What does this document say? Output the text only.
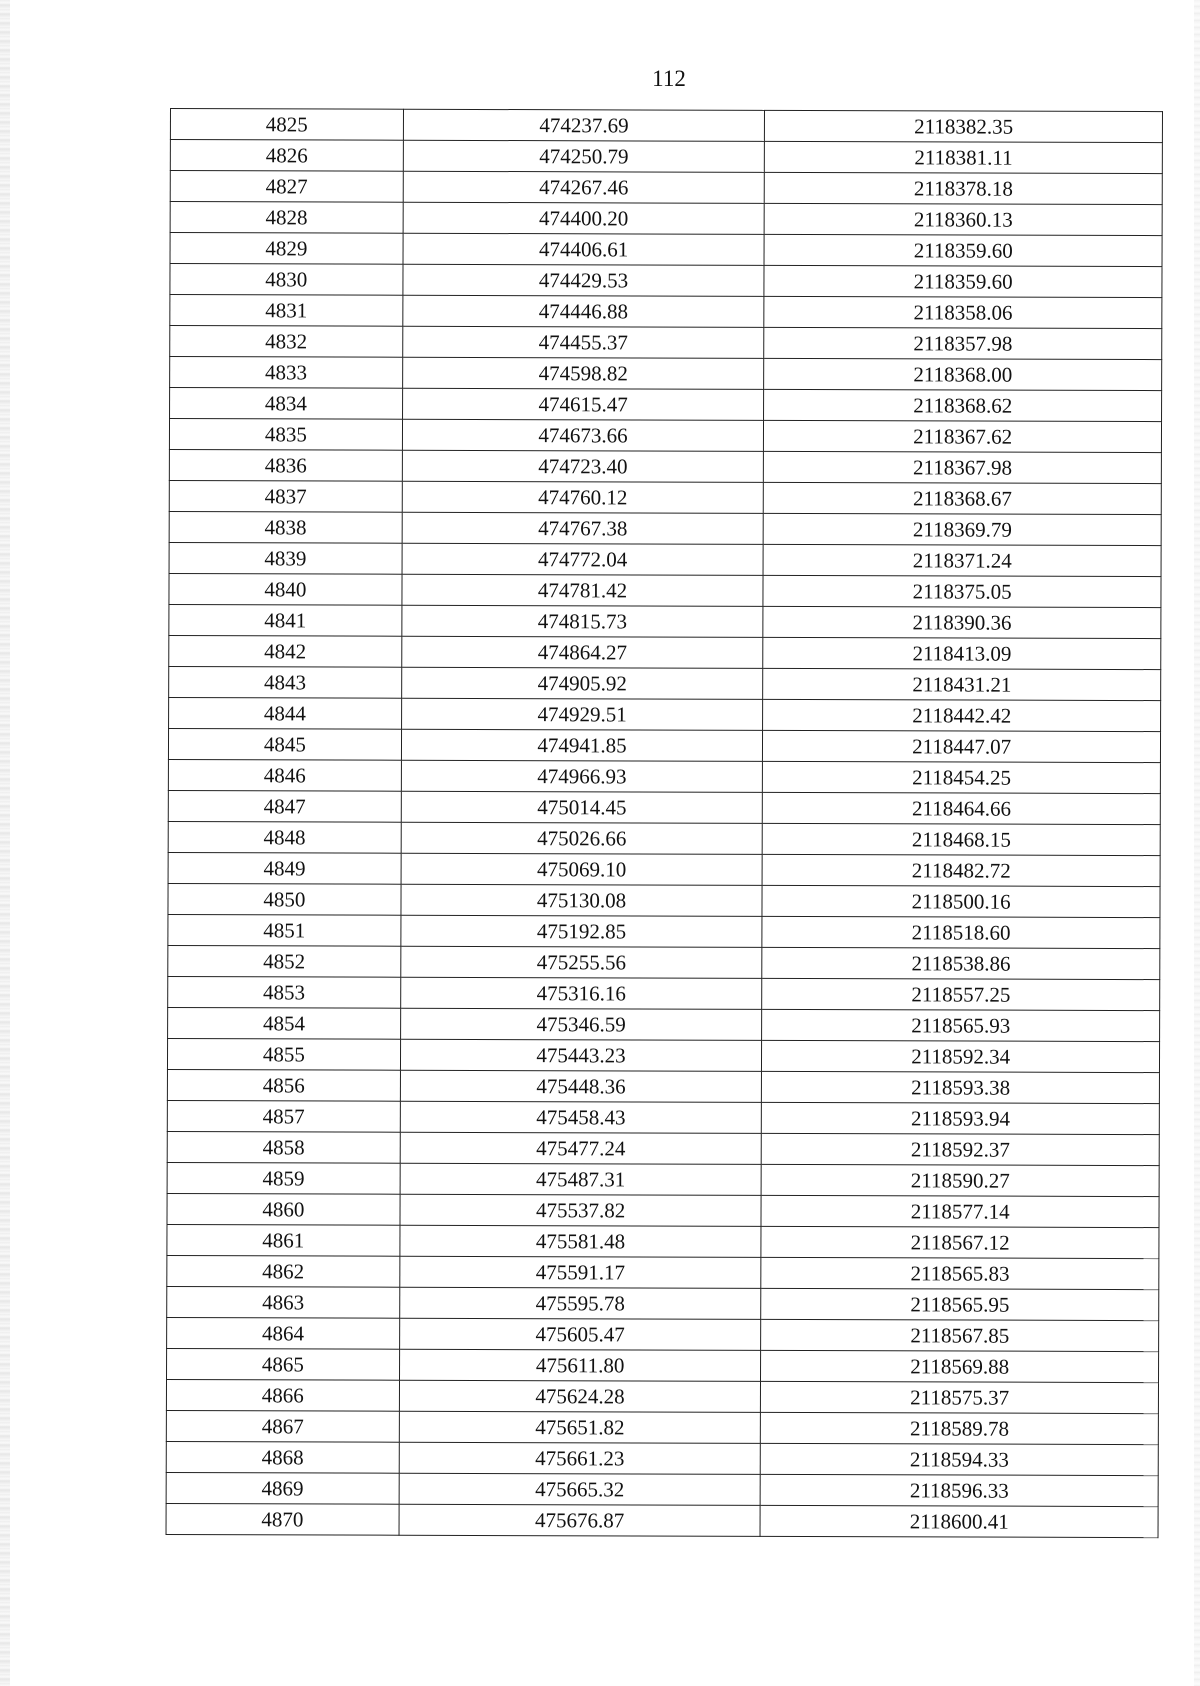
112
4825	474237.69	2118382.35
4826	474250.79	2118381.11
4827	474267.46	2118378.18
4828	474400.20	2118360.13
4829	474406.61	2118359.60
4830	474429.53	2118359.60
4831	474446.88	2118358.06
4832	474455.37	2118357.98
4833	474598.82	2118368.00
4834	474615.47	2118368.62
4835	474673.66	2118367.62
4836	474723.40	2118367.98
4837	474760.12	2118368.67
4838	474767.38	2118369.79
4839	474772.04	2118371.24
4840	474781.42	2118375.05
4841	474815.73	2118390.36
4842	474864.27	2118413.09
4843	474905.92	2118431.21
4844	474929.51	2118442.42
4845	474941.85	2118447.07
4846	474966.93	2118454.25
4847	475014.45	2118464.66
4848	475026.66	2118468.15
4849	475069.10	2118482.72
4850	475130.08	2118500.16
4851	475192.85	2118518.60
4852	475255.56	2118538.86
4853	475316.16	2118557.25
4854	475346.59	2118565.93
4855	475443.23	2118592.34
4856	475448.36	2118593.38
4857	475458.43	2118593.94
4858	475477.24	2118592.37
4859	475487.31	2118590.27
4860	475537.82	2118577.14
4861	475581.48	2118567.12
4862	475591.17	2118565.83
4863	475595.78	2118565.95
4864	475605.47	2118567.85
4865	475611.80	2118569.88
4866	475624.28	2118575.37
4867	475651.82	2118589.78
4868	475661.23	2118594.33
4869	475665.32	2118596.33
4870	475676.87	2118600.41
